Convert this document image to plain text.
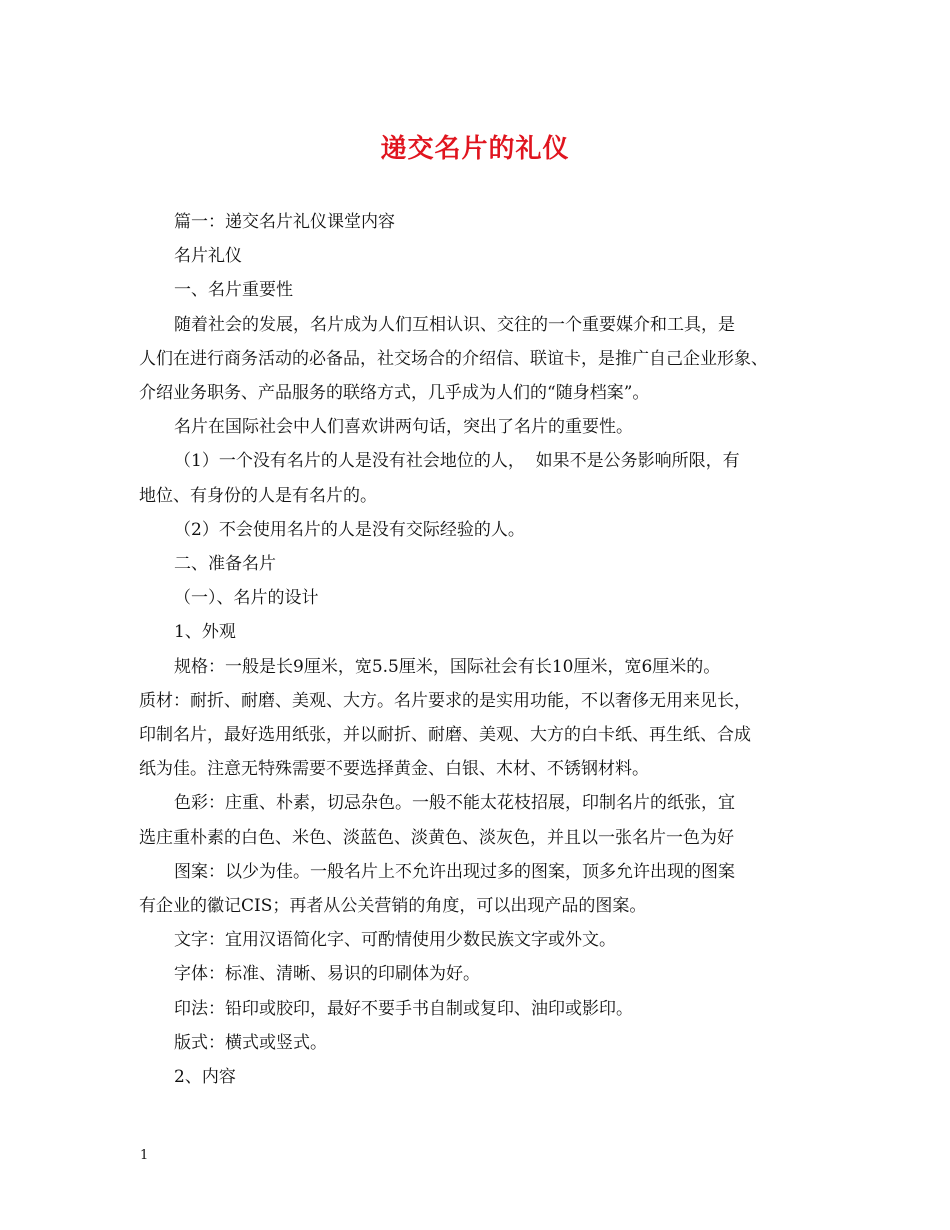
递交名片的礼仪

篇一：递交名片礼仪课堂内容

名片礼仪

一、名片重要性

随着社会的发展，名片成为人们互相认识、交往的一个重要媒介和工具，是

人们在进行商务活动的必备品，社交场合的介绍信、联谊卡，是推广自己企业形象、

介绍业务职务、产品服务的联络方式，几乎成为人们的“随身档案”。

名片在国际社会中人们喜欢讲两句话，突出了名片的重要性。

（1）一个没有名片的人是没有社会地位的人，  如果不是公务影响所限，有

地位、有身份的人是有名片的。

（2）不会使用名片的人是没有交际经验的人。

二、准备名片

（一）、名片的设计

1、外观

规格：一般是长9厘米，宽5.5厘米，国际社会有长10厘米，宽6厘米的。

质材：耐折、耐磨、美观、大方。名片要求的是实用功能，不以奢侈无用来见长，

印制名片，最好选用纸张，并以耐折、耐磨、美观、大方的白卡纸、再生纸、合成

纸为佳。注意无特殊需要不要选择黄金、白银、木材、不锈钢材料。

色彩：庄重、朴素，切忌杂色。一般不能太花枝招展，印制名片的纸张，宜

选庄重朴素的白色、米色、淡蓝色、淡黄色、淡灰色，并且以一张名片一色为好

图案：以少为佳。一般名片上不允许出现过多的图案，顶多允许出现的图案

有企业的徽记CIS；再者从公关营销的角度，可以出现产品的图案。

文字：宜用汉语简化字、可酌情使用少数民族文字或外文。

字体：标准、清晰、易识的印刷体为好。

印法：铅印或胶印，最好不要手书自制或复印、油印或影印。

版式：横式或竖式。

2、内容

1
